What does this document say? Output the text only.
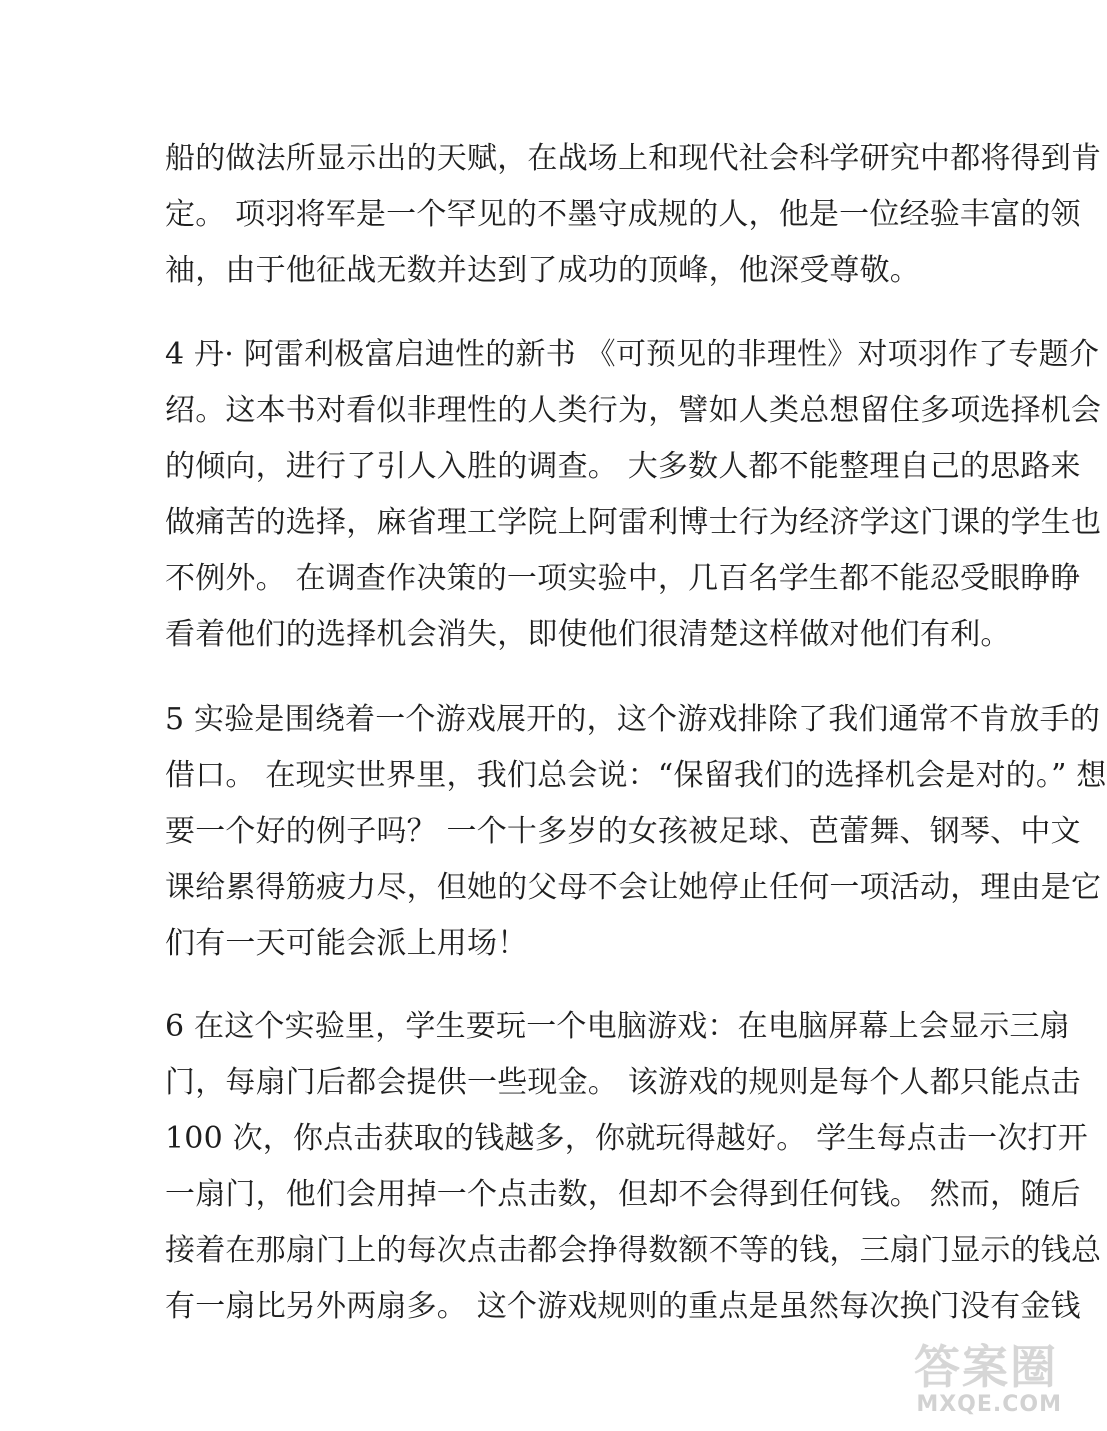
船的做法所显示出的天赋，在战场上和现代社会科学研究中都将得到肯
定。 项羽将军是一个罕见的不墨守成规的人，他是一位经验丰富的领
袖，由于他征战无数并达到了成功的顶峰，他深受尊敬。
4 丹· 阿雷利极富启迪性的新书 《可预见的非理性》对项羽作了专题介
绍。这本书对看似非理性的人类行为，譬如人类总想留住多项选择机会
的倾向，进行了引人入胜的调查。 大多数人都不能整理自己的思路来
做痛苦的选择，麻省理工学院上阿雷利博士行为经济学这门课的学生也
不例外。 在调查作决策的一项实验中，几百名学生都不能忍受眼睁睁
看着他们的选择机会消失，即使他们很清楚这样做对他们有利。
5 实验是围绕着一个游戏展开的，这个游戏排除了我们通常不肯放手的
借口。 在现实世界里，我们总会说：“保留我们的选择机会是对的。” 想
要一个好的例子吗？ 一个十多岁的女孩被足球、芭蕾舞、钢琴、中文
课给累得筋疲力尽，但她的父母不会让她停止任何一项活动，理由是它
们有一天可能会派上用场！
6 在这个实验里，学生要玩一个电脑游戏：在电脑屏幕上会显示三扇
门，每扇门后都会提供一些现金。 该游戏的规则是每个人都只能点击
100 次，你点击获取的钱越多，你就玩得越好。 学生每点击一次打开
一扇门，他们会用掉一个点击数，但却不会得到任何钱。 然而，随后
接着在那扇门上的每次点击都会挣得数额不等的钱，三扇门显示的钱总
有一扇比另外两扇多。 这个游戏规则的重点是虽然每次换门没有金钱
答案圈
MXQE.COM
